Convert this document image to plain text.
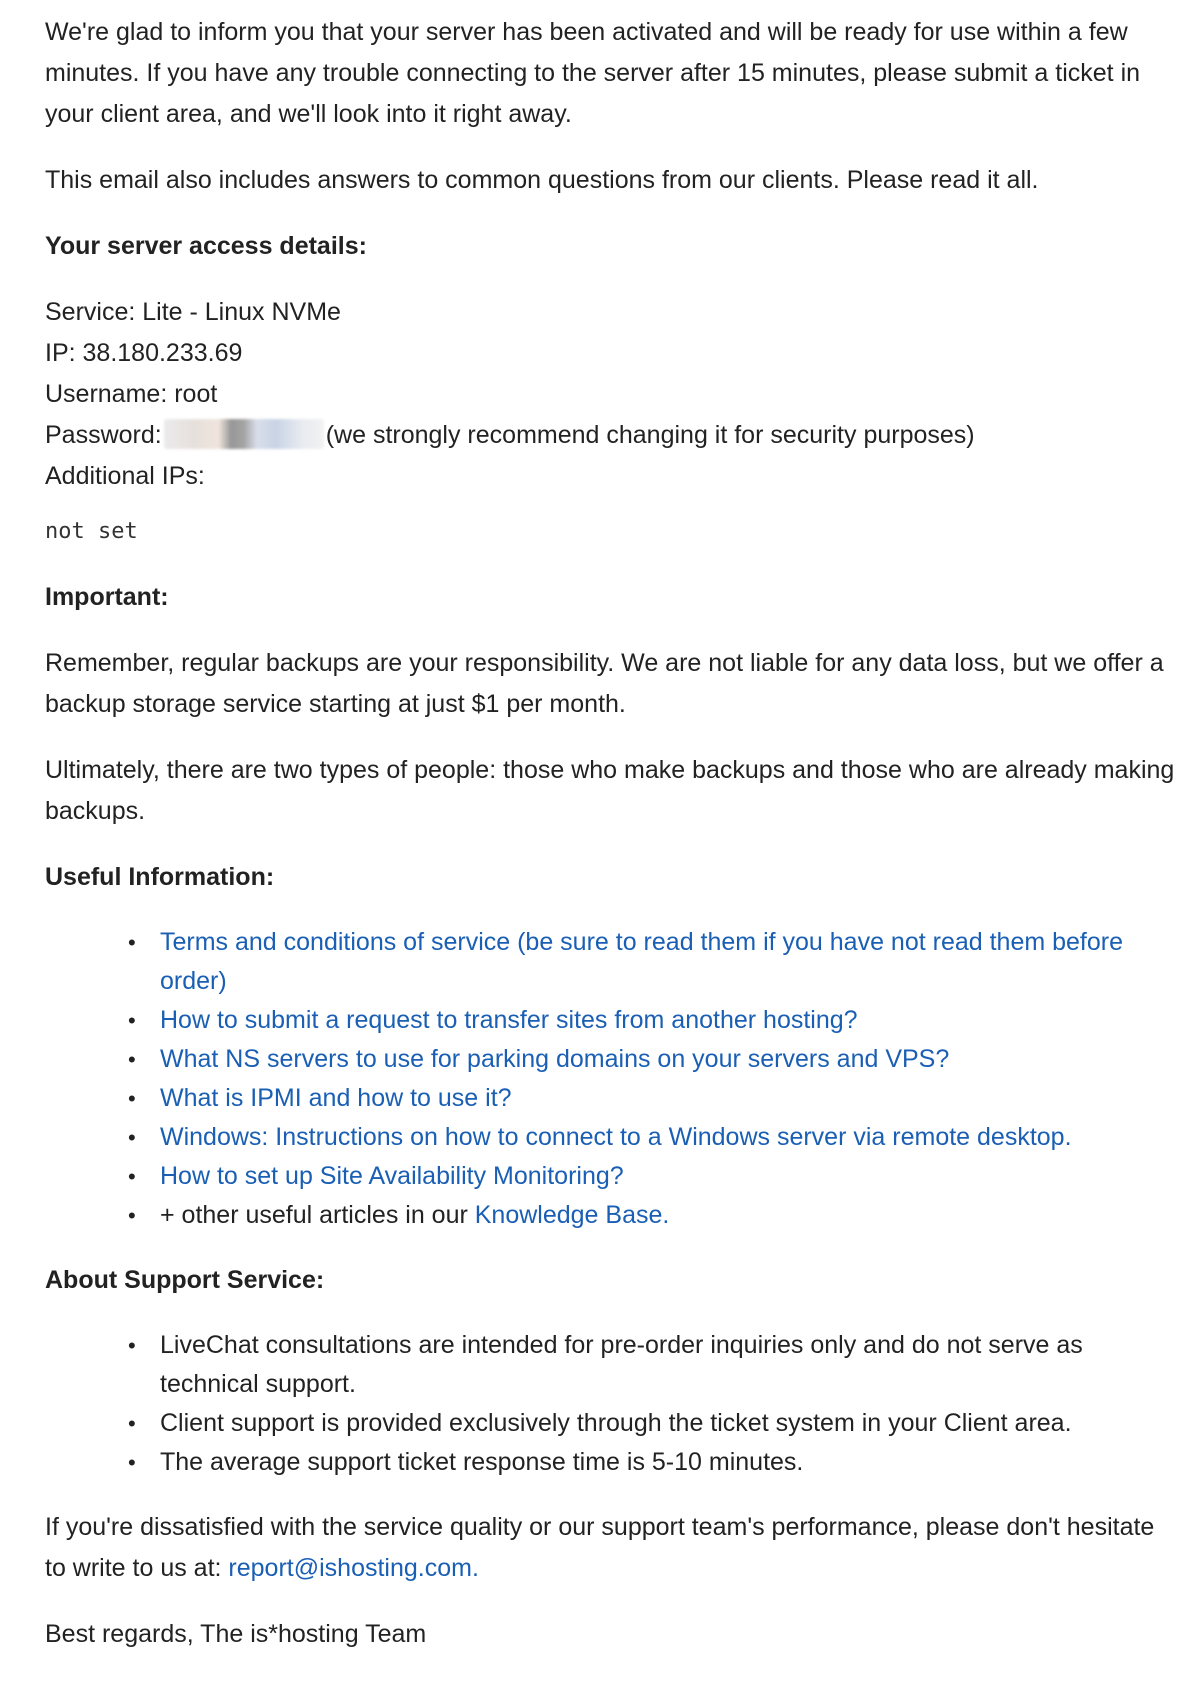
We're glad to inform you that your server has been activated and will be ready for use within a few minutes. If you have any trouble connecting to the server after 15 minutes, please submit a ticket in your client area, and we'll look into it right away.

This email also includes answers to common questions from our clients. Please read it all.

Your server access details:

Service: Lite - Linux NVMe
IP: 38.180.233.69
Username: root
Password:	(we strongly recommend changing it for security purposes)
Additional IPs:

not set

Important:

Remember, regular backups are your responsibility. We are not liable for any data loss, but we offer a backup storage service starting at just $1 per month.

Ultimately, there are two types of people: those who make backups and those who are already making backups.

Useful Information:

• Terms and conditions of service (be sure to read them if you have not read them before order)
• How to submit a request to transfer sites from another hosting?
• What NS servers to use for parking domains on your servers and VPS?
• What is IPMI and how to use it?
• Windows: Instructions on how to connect to a Windows server via remote desktop.
• How to set up Site Availability Monitoring?
• + other useful articles in our Knowledge Base.

About Support Service:

• LiveChat consultations are intended for pre-order inquiries only and do not serve as technical support.
• Client support is provided exclusively through the ticket system in your Client area.
• The average support ticket response time is 5-10 minutes.

If you're dissatisfied with the service quality or our support team's performance, please don't hesitate to write to us at: report@ishosting.com.

Best regards, The is*hosting Team
